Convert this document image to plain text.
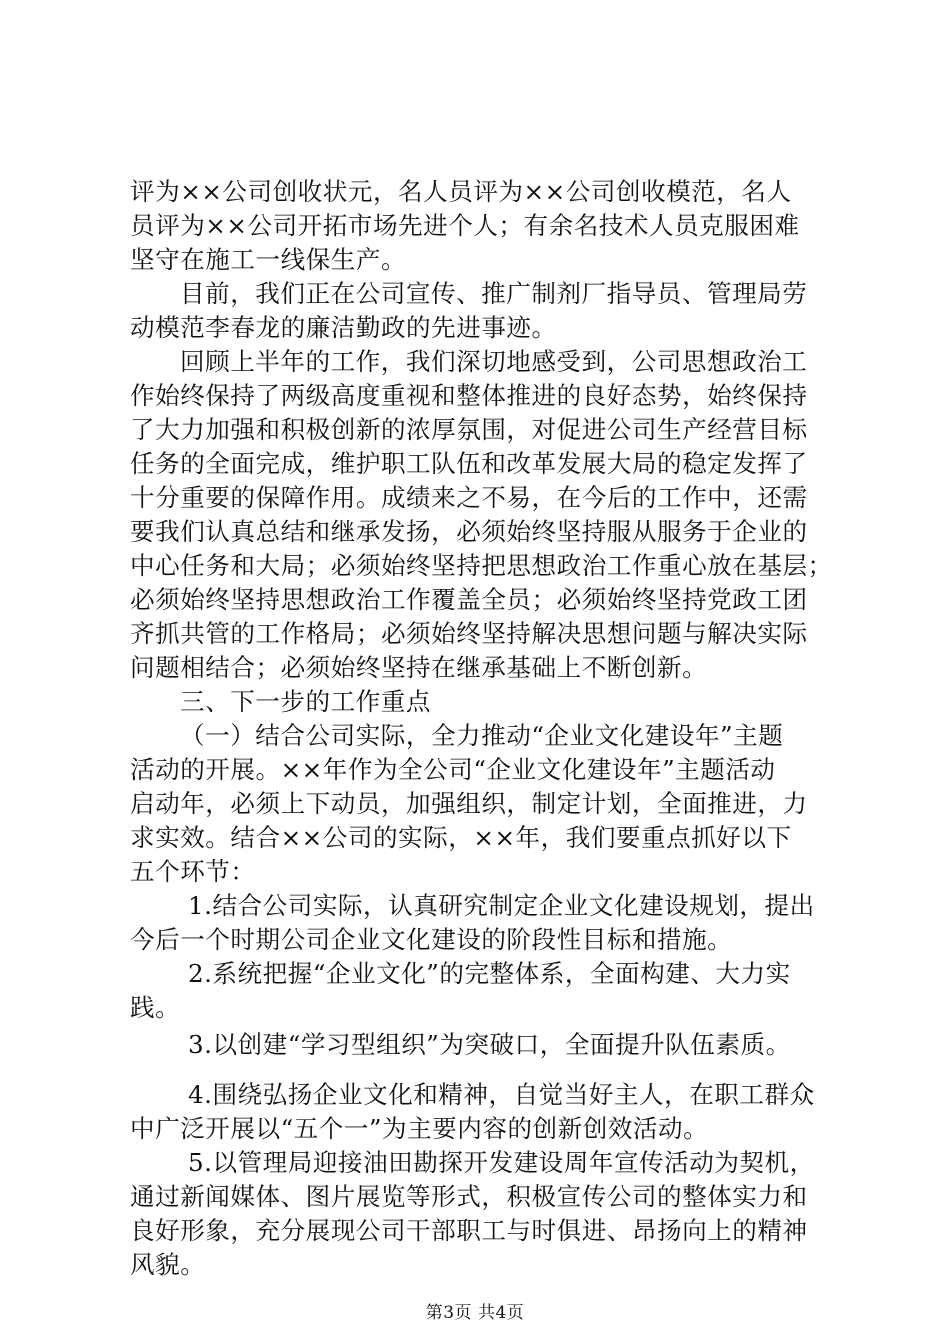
评为××公司创收状元，名人员评为××公司创收模范，名人
员评为××公司开拓市场先进个人；有余名技术人员克服困难
坚守在施工一线保生产。
目前，我们正在公司宣传、推广制剂厂指导员、管理局劳
动模范李春龙的廉洁勤政的先进事迹。
回顾上半年的工作，我们深切地感受到，公司思想政治工
作始终保持了两级高度重视和整体推进的良好态势，始终保持
了大力加强和积极创新的浓厚氛围，对促进公司生产经营目标
任务的全面完成，维护职工队伍和改革发展大局的稳定发挥了
十分重要的保障作用。成绩来之不易，在今后的工作中，还需
要我们认真总结和继承发扬，必须始终坚持服从服务于企业的
中心任务和大局；必须始终坚持把思想政治工作重心放在基层；
必须始终坚持思想政治工作覆盖全员；必须始终坚持党政工团
齐抓共管的工作格局；必须始终坚持解决思想问题与解决实际
问题相结合；必须始终坚持在继承基础上不断创新。
三、下一步的工作重点
（一）结合公司实际，全力推动“企业文化建设年”主题
活动的开展。××年作为全公司“企业文化建设年”主题活动
启动年，必须上下动员，加强组织，制定计划，全面推进，力
求实效。结合××公司的实际，××年，我们要重点抓好以下
五个环节：
1.结合公司实际，认真研究制定企业文化建设规划，提出
今后一个时期公司企业文化建设的阶段性目标和措施。
2.系统把握“企业文化”的完整体系，全面构建、大力实
践。
3.以创建“学习型组织”为突破口，全面提升队伍素质。
4.围绕弘扬企业文化和精神，自觉当好主人，在职工群众
中广泛开展以“五个一”为主要内容的创新创效活动。
5.以管理局迎接油田勘探开发建设周年宣传活动为契机，
通过新闻媒体、图片展览等形式，积极宣传公司的整体实力和
良好形象，充分展现公司干部职工与时俱进、昂扬向上的精神
风貌。
第3页 共4页
